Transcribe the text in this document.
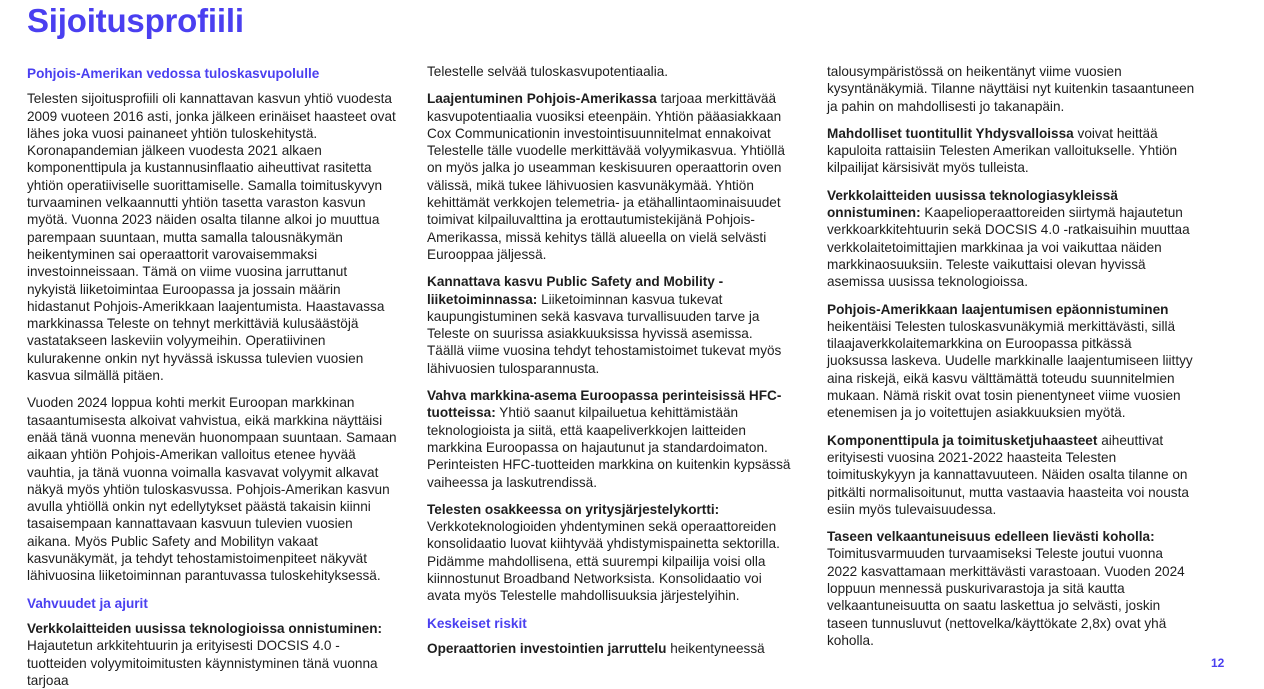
Sijoitusprofiili
Pohjois-Amerikan vedossa tuloskasvupolulle

Telesten sijoitusprofiili oli kannattavan kasvun yhtiö vuodesta 2009 vuoteen 2016 asti, jonka jälkeen erinäiset haasteet ovat lähes joka vuosi painaneet yhtiön tuloskehitystä. Koronapandemian jälkeen vuodesta 2021 alkaen komponenttipula ja kustannusinflaatio aiheuttivat rasitetta yhtiön operatiiviselle suorittamiselle. Samalla toimituskyvyn turvaaminen velkaannutti yhtiön tasetta varaston kasvun myötä. Vuonna 2023 näiden osalta tilanne alkoi jo muuttua parempaan suuntaan, mutta samalla talousnäkymän heikentyminen sai operaattorit varovaisemmaksi investoinneissaan. Tämä on viime vuosina jarruttanut nykyistä liiketoimintaa Euroopassa ja jossain määrin hidastanut Pohjois-Amerikkaan laajentumista. Haastavassa markkinassa Teleste on tehnyt merkittäviä kulusäästöjä vastatakseen laskeviin volyymeihin. Operatiivinen kulurakenne onkin nyt hyvässä iskussa tulevien vuosien kasvua silmällä pitäen.

Vuoden 2024 loppua kohti merkit Euroopan markkinan tasaantumisesta alkoivat vahvistua, eikä markkina näyttäisi enää tänä vuonna menevän huonompaan suuntaan. Samaan aikaan yhtiön Pohjois-Amerikan valloitus etenee hyvää vauhtia, ja tänä vuonna voimalla kasvavat volyymit alkavat näkyä myös yhtiön tuloskasvussa. Pohjois-Amerikan kasvun avulla yhtiöllä onkin nyt edellytykset päästä takaisin kiinni tasaisempaan kannattavaan kasvuun tulevien vuosien aikana. Myös Public Safety and Mobilityn vakaat kasvunäkymät, ja tehdyt tehostamistoimenpiteet näkyvät lähivuosina liiketoiminnan parantuvassa tuloskehityksessä.

Vahvuudet ja ajurit

Verkkolaitteiden uusissa teknologioissa onnistuminen: Hajautetun arkkitehtuurin ja erityisesti DOCSIS 4.0 -tuotteiden volyymitoimitusten käynnistyminen tänä vuonna tarjoaa

Telestelle selvää tuloskasvupotentiaalia.

Laajentuminen Pohjois-Amerikassa tarjoaa merkittävää kasvupotentiaalia vuosiksi eteenpäin. Yhtiön pääasiakkaan Cox Communicationin investointisuunnitelmat ennakoivat Telestelle tälle vuodelle merkittävää volyymikasvua. Yhtiöllä on myös jalka jo useamman keskisuuren operaattorin oven välissä, mikä tukee lähivuosien kasvunäkymää. Yhtiön kehittämät verkkojen telemetria- ja etähallintaominaisuudet toimivat kilpailuvalttina ja erottautumistekijänä Pohjois-Amerikassa, missä kehitys tällä alueella on vielä selvästi Eurooppaa jäljessä.

Kannattava kasvu Public Safety and Mobility -liiketoiminnassa: Liiketoiminnan kasvua tukevat kaupungistuminen sekä kasvava turvallisuuden tarve ja Teleste on suurissa asiakkuuksissa hyvissä asemissa. Täällä viime vuosina tehdyt tehostamistoimet tukevat myös lähivuosien tulosparannusta.

Vahva markkina-asema Euroopassa perinteisissä HFC-tuotteissa: Yhtiö saanut kilpailuetua kehittämistään teknologioista ja siitä, että kaapeliverkkojen laitteiden markkina Euroopassa on hajautunut ja standardoimaton. Perinteisten HFC-tuotteiden markkina on kuitenkin kypsässä vaiheessa ja laskutrendissä.

Telesten osakkeessa on yritysjärjestelykortti: Verkkoteknologioiden yhdentyminen sekä operaattoreiden konsolidaatio luovat kiihtyvää yhdistymispainetta sektorilla. Pidämme mahdollisena, että suurempi kilpailija voisi olla kiinnostunut Broadband Networksista. Konsolidaatio voi avata myös Telestelle mahdollisuuksia järjestelyihin.

Keskeiset riskit

Operaattorien investointien jarruttelu heikentyneessä

talousympäristössä on heikentänyt viime vuosien kysyntänäkymiä. Tilanne näyttäisi nyt kuitenkin tasaantuneen ja pahin on mahdollisesti jo takanapäin.

Mahdolliset tuontitullit Yhdysvalloissa voivat heittää kapuloita rattaisiin Telesten Amerikan valloitukselle. Yhtiön kilpailijat kärsisivät myös tulleista.

Verkkolaitteiden uusissa teknologiasykleissä onnistuminen: Kaapelioperaattoreiden siirtymä hajautetun verkkoarkkitehtuurin sekä DOCSIS 4.0 -ratkaisuihin muuttaa verkkolaitetoimittajien markkinaa ja voi vaikuttaa näiden markkinaosuuksiin. Teleste vaikuttaisi olevan hyvissä asemissa uusissa teknologioissa.

Pohjois-Amerikkaan laajentumisen epäonnistuminen heikentäisi Telesten tuloskasvunäkymiä merkittävästi, sillä tilaajaverkkolaitemarkkina on Euroopassa pitkässä juoksussa laskeva. Uudelle markkinalle laajentumiseen liittyy aina riskejä, eikä kasvu välttämättä toteudu suunnitelmien mukaan. Nämä riskit ovat tosin pienentyneet viime vuosien etenemisen ja jo voitettujen asiakkuuksien myötä.

Komponenttipula ja toimitusketjuhaasteet aiheuttivat erityisesti vuosina 2021-2022 haasteita Telesten toimituskykyyn ja kannattavuuteen. Näiden osalta tilanne on pitkälti normalisoitunut, mutta vastaavia haasteita voi nousta esiin myös tulevaisuudessa.

Taseen velkaantuneisuus edelleen lievästi koholla: Toimitusvarmuuden turvaamiseksi Teleste joutui vuonna 2022 kasvattamaan merkittävästi varastoaan. Vuoden 2024 loppuun mennessä puskurivarastoja ja sitä kautta velkaantuneisuutta on saatu laskettua jo selvästi, joskin taseen tunnusluvut (nettovelka/käyttökate 2,8x) ovat yhä koholla.

12
